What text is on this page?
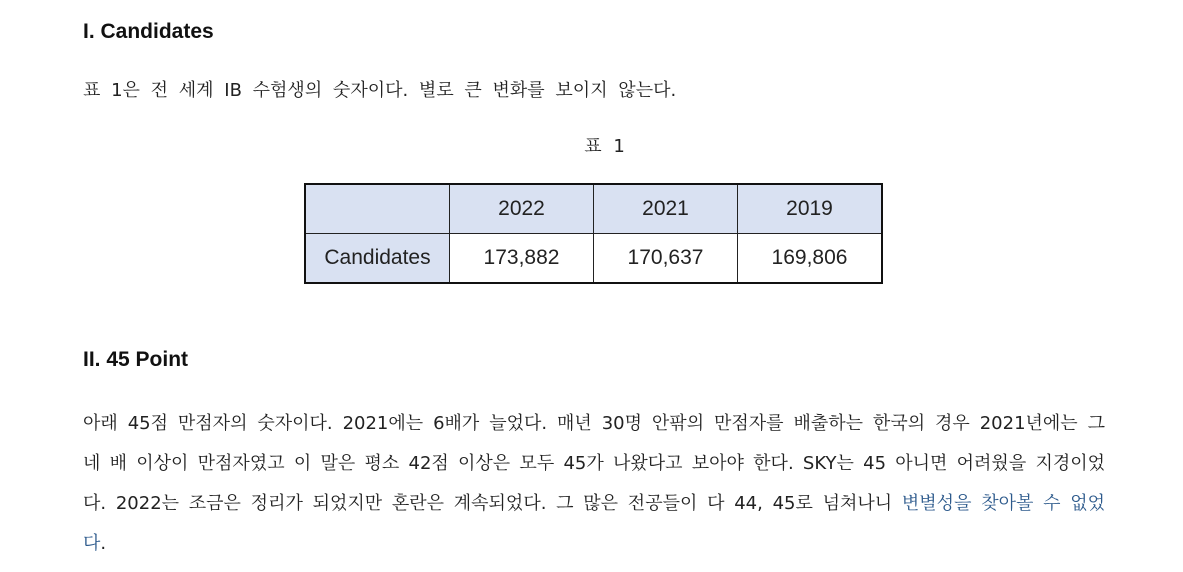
I. Candidates

표 1은 전 세계 IB 수험생의 숫자이다. 별로 큰 변화를 보이지 않는다.

표 1
	2022	2021	2019
Candidates	173,882	170,637	169,806
II. 45 Point

아래 45점 만점자의 숫자이다. 2021에는 6배가 늘었다. 매년 30명 안팎의 만점자를 배출하는 한국의 경우 2021년에는 그 네 배 이상이 만점자였고 이 말은 평소 42점 이상은 모두 45가 나왔다고 보아야 한다. SKY는 45 아니면 어려웠을 지경이었다. 2022는 조금은 정리가 되었지만 혼란은 계속되었다. 그 많은 전공들이 다 44, 45로 넘쳐나니 변별성을 찾아볼 수 없었다.
